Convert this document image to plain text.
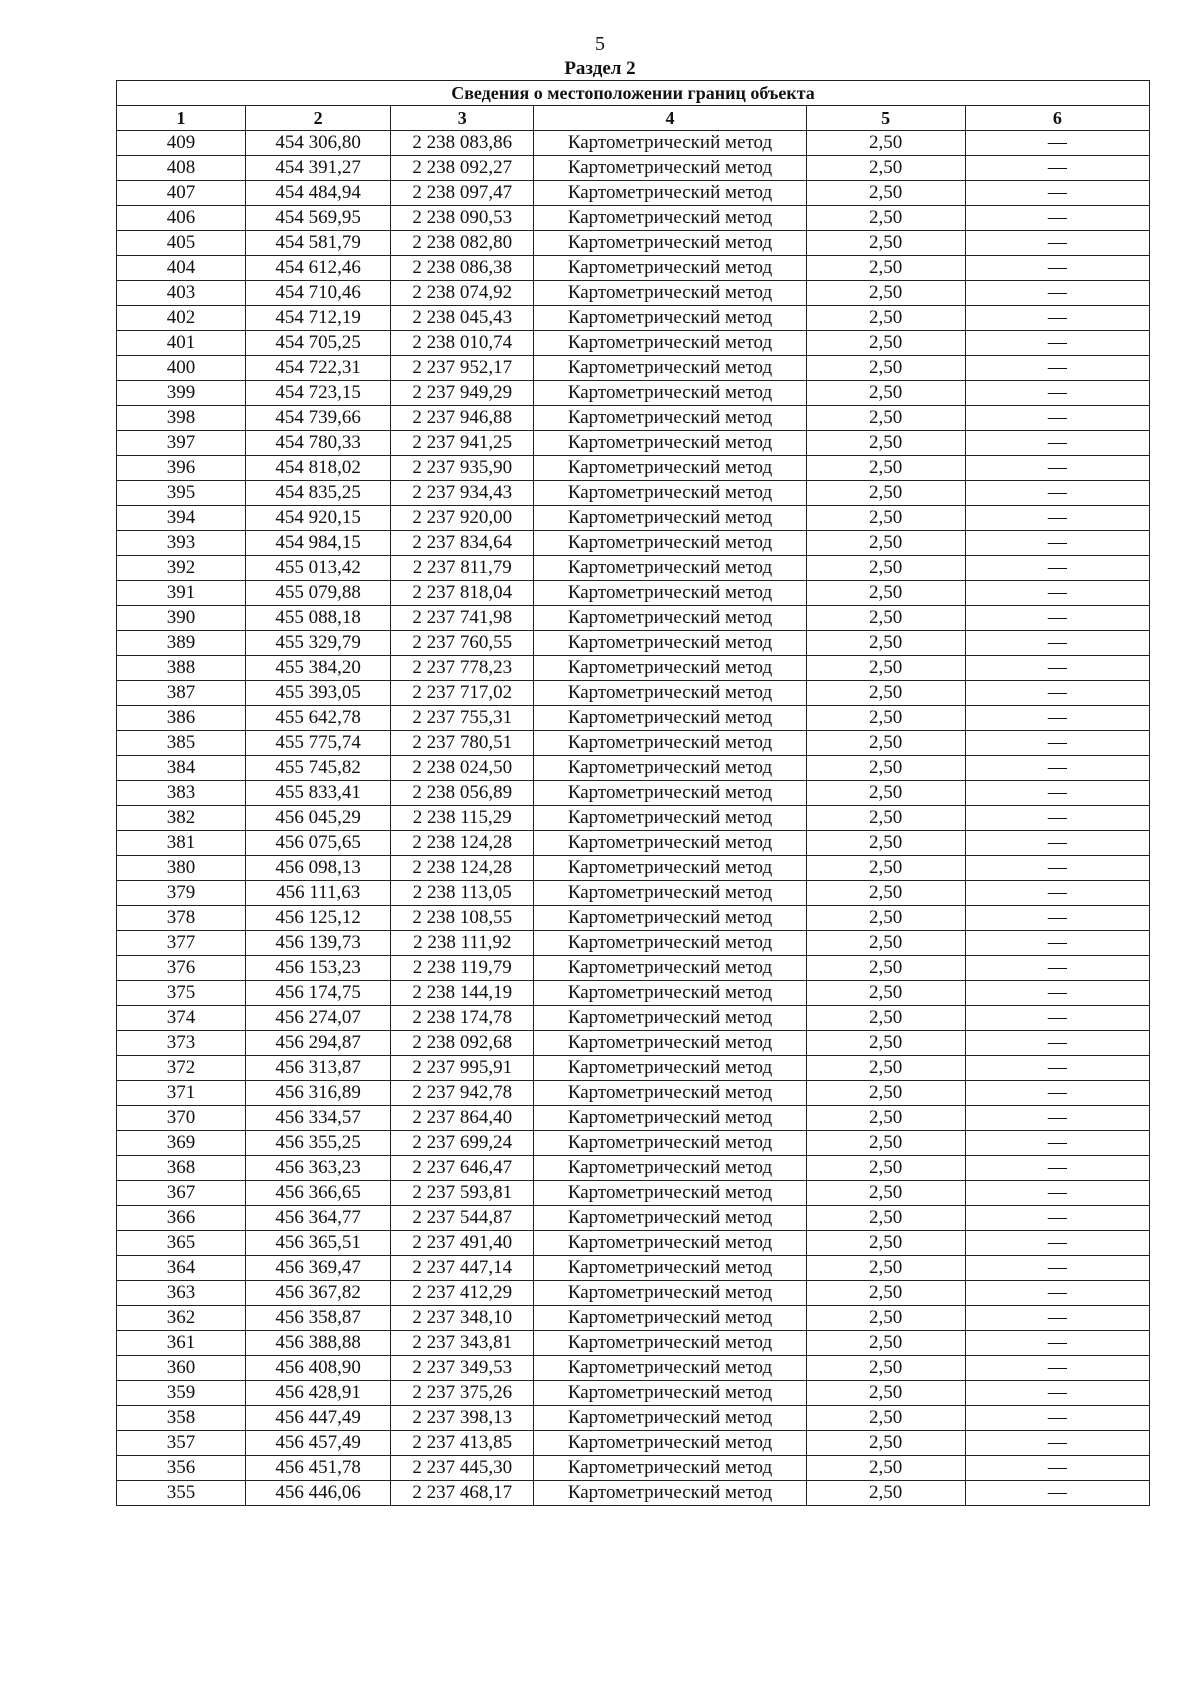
5
Раздел 2
Сведения о местоположении границ объекта					
1	2	3	4	5	6
409	454 306,80	2 238 083,86	Картометрический метод	2,50	—
408	454 391,27	2 238 092,27	Картометрический метод	2,50	—
407	454 484,94	2 238 097,47	Картометрический метод	2,50	—
406	454 569,95	2 238 090,53	Картометрический метод	2,50	—
405	454 581,79	2 238 082,80	Картометрический метод	2,50	—
404	454 612,46	2 238 086,38	Картометрический метод	2,50	—
403	454 710,46	2 238 074,92	Картометрический метод	2,50	—
402	454 712,19	2 238 045,43	Картометрический метод	2,50	—
401	454 705,25	2 238 010,74	Картометрический метод	2,50	—
400	454 722,31	2 237 952,17	Картометрический метод	2,50	—
399	454 723,15	2 237 949,29	Картометрический метод	2,50	—
398	454 739,66	2 237 946,88	Картометрический метод	2,50	—
397	454 780,33	2 237 941,25	Картометрический метод	2,50	—
396	454 818,02	2 237 935,90	Картометрический метод	2,50	—
395	454 835,25	2 237 934,43	Картометрический метод	2,50	—
394	454 920,15	2 237 920,00	Картометрический метод	2,50	—
393	454 984,15	2 237 834,64	Картометрический метод	2,50	—
392	455 013,42	2 237 811,79	Картометрический метод	2,50	—
391	455 079,88	2 237 818,04	Картометрический метод	2,50	—
390	455 088,18	2 237 741,98	Картометрический метод	2,50	—
389	455 329,79	2 237 760,55	Картометрический метод	2,50	—
388	455 384,20	2 237 778,23	Картометрический метод	2,50	—
387	455 393,05	2 237 717,02	Картометрический метод	2,50	—
386	455 642,78	2 237 755,31	Картометрический метод	2,50	—
385	455 775,74	2 237 780,51	Картометрический метод	2,50	—
384	455 745,82	2 238 024,50	Картометрический метод	2,50	—
383	455 833,41	2 238 056,89	Картометрический метод	2,50	—
382	456 045,29	2 238 115,29	Картометрический метод	2,50	—
381	456 075,65	2 238 124,28	Картометрический метод	2,50	—
380	456 098,13	2 238 124,28	Картометрический метод	2,50	—
379	456 111,63	2 238 113,05	Картометрический метод	2,50	—
378	456 125,12	2 238 108,55	Картометрический метод	2,50	—
377	456 139,73	2 238 111,92	Картометрический метод	2,50	—
376	456 153,23	2 238 119,79	Картометрический метод	2,50	—
375	456 174,75	2 238 144,19	Картометрический метод	2,50	—
374	456 274,07	2 238 174,78	Картометрический метод	2,50	—
373	456 294,87	2 238 092,68	Картометрический метод	2,50	—
372	456 313,87	2 237 995,91	Картометрический метод	2,50	—
371	456 316,89	2 237 942,78	Картометрический метод	2,50	—
370	456 334,57	2 237 864,40	Картометрический метод	2,50	—
369	456 355,25	2 237 699,24	Картометрический метод	2,50	—
368	456 363,23	2 237 646,47	Картометрический метод	2,50	—
367	456 366,65	2 237 593,81	Картометрический метод	2,50	—
366	456 364,77	2 237 544,87	Картометрический метод	2,50	—
365	456 365,51	2 237 491,40	Картометрический метод	2,50	—
364	456 369,47	2 237 447,14	Картометрический метод	2,50	—
363	456 367,82	2 237 412,29	Картометрический метод	2,50	—
362	456 358,87	2 237 348,10	Картометрический метод	2,50	—
361	456 388,88	2 237 343,81	Картометрический метод	2,50	—
360	456 408,90	2 237 349,53	Картометрический метод	2,50	—
359	456 428,91	2 237 375,26	Картометрический метод	2,50	—
358	456 447,49	2 237 398,13	Картометрический метод	2,50	—
357	456 457,49	2 237 413,85	Картометрический метод	2,50	—
356	456 451,78	2 237 445,30	Картометрический метод	2,50	—
355	456 446,06	2 237 468,17	Картометрический метод	2,50	—
